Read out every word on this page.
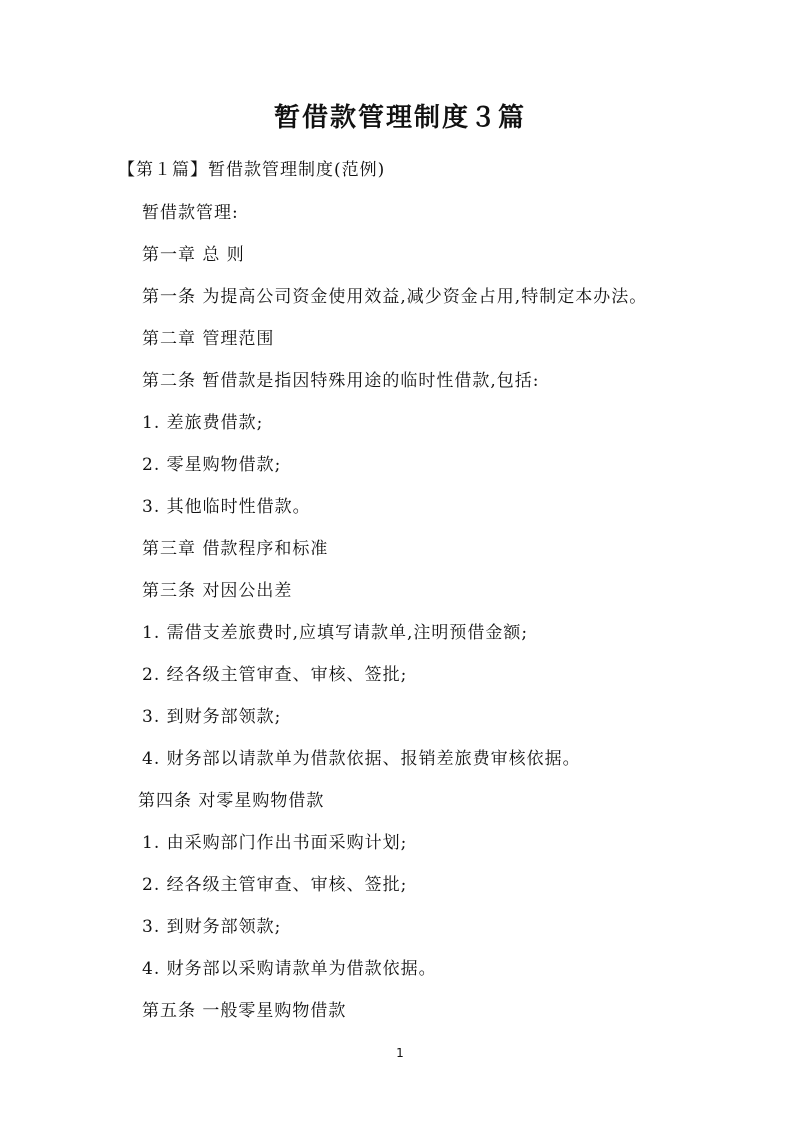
暂借款管理制度３篇
【第１篇】暂借款管理制度(范例)
暂借款管理:
第一章 总 则
第一条 为提高公司资金使用效益,减少资金占用,特制定本办法。
第二章 管理范围
第二条 暂借款是指因特殊用途的临时性借款,包括:
1. 差旅费借款;
2. 零星购物借款;
3. 其他临时性借款。
第三章 借款程序和标准
第三条 对因公出差
1. 需借支差旅费时,应填写请款单,注明预借金额;
2. 经各级主管审查、审核、签批;
3. 到财务部领款;
4. 财务部以请款单为借款依据、报销差旅费审核依据。
第四条 对零星购物借款
1. 由采购部门作出书面采购计划;
2. 经各级主管审查、审核、签批;
3. 到财务部领款;
4. 财务部以采购请款单为借款依据。
第五条 一般零星购物借款
1
